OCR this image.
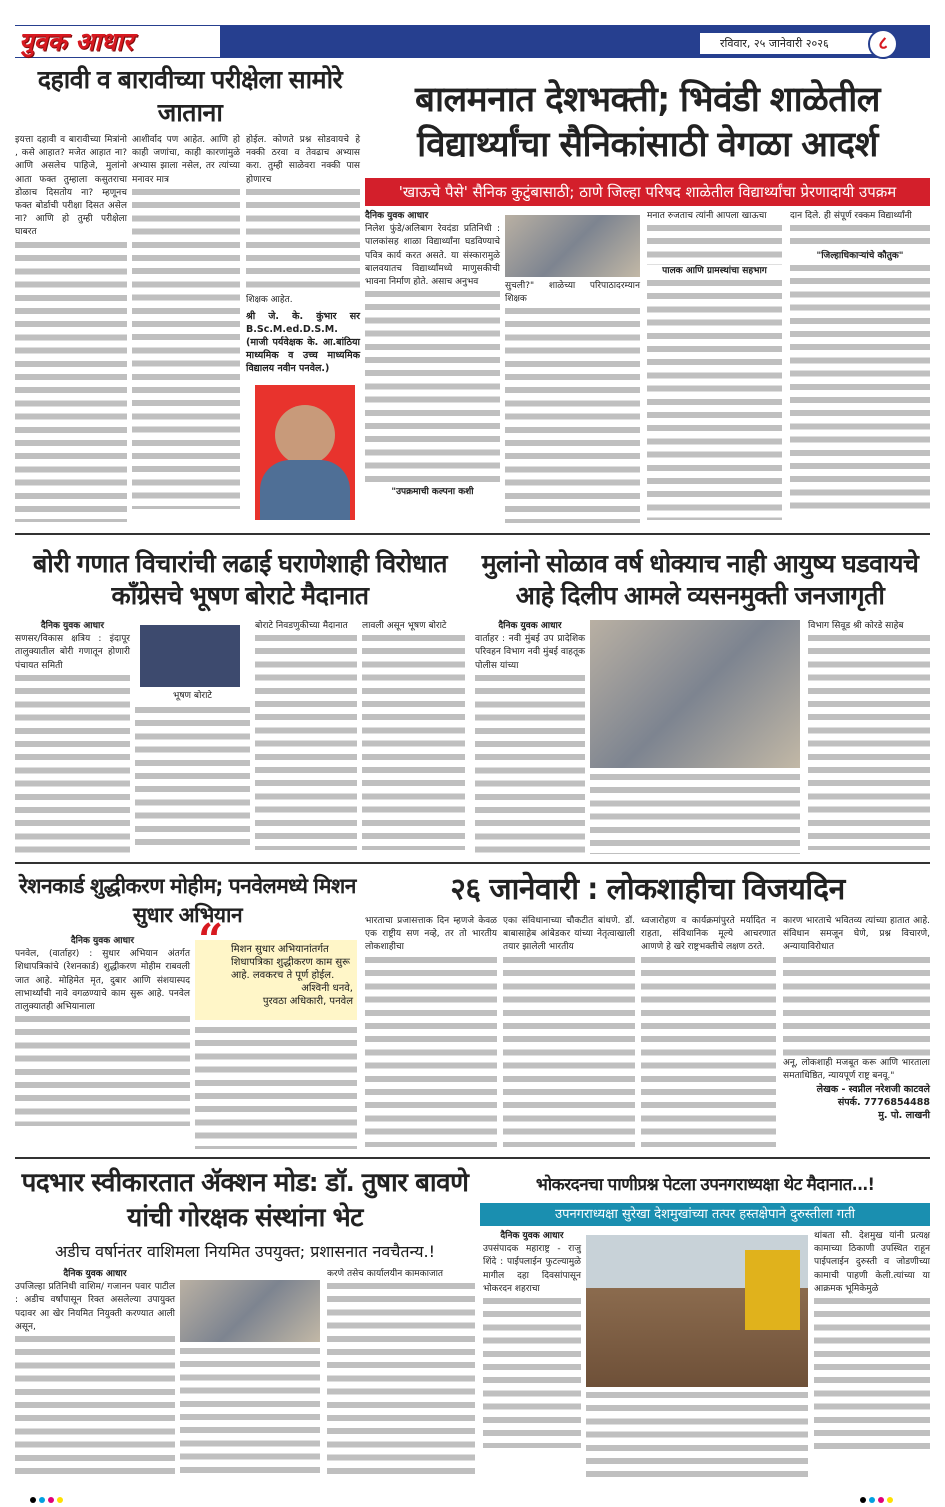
युवक आधार	रविवार, २५ जानेवारी २०२६	८
दहावी व बारावीच्या परीक्षेला सामोरे जाताना
इयत्ता दहावी व बारावीच्या मित्रांनो , कसे आहात? मजेत आहात ना? आणि असलेच पाहिजे, मुलांनो आता फक्त तुम्हाला कसुतराचा डोळाच दिसतोय ना? म्हणूनच फक्त बोर्डाची परीक्षा दिसत असेल ना? आणि हो तुम्ही परीक्षेला घाबरत
आशीर्वाद पण आहेत. आणि हो काही जणांचा, काही कारणांमुळे अभ्यास झाला नसेल, तर त्यांच्या मनावर मात्र
होईल. कोणते प्रश्न सोडवायचे हे नक्की ठरवा व तेवढाच अभ्यास करा. तुम्ही साळेवरा नक्की पास होणारच
शिक्षक आहेत.
श्री जे. के. कुंभार सर B.Sc.M.ed.D.S.M. (माजी पर्यवेक्षक के. आ.बांठिया माध्यमिक व उच्च माध्यमिक विद्यालय नवीन पनवेल.)
बालमनात देशभक्ती; भिवंडी शाळेतील विद्यार्थ्यांचा सैनिकांसाठी वेगळा आदर्श
'खाऊचे पैसे' सैनिक कुटुंबासाठी; ठाणे जिल्हा परिषद शाळेतील विद्यार्थ्यांचा प्रेरणादायी उपक्रम
दैनिक युवक आधार
निलेश फुंडे/अलिबाग रेवदंडा प्रतिनिधी : पालकांसह शाळा विद्यार्थ्यांना घडविण्याचे पवित्र कार्य करत असते. या संस्कारामुळे बालवयातच विद्यार्थ्यांमध्ये माणुसकीची भावना निर्माण होते. असाच अनुभव
"उपक्रमाची कल्पना कशी
सुचली?" शाळेच्या परिपाठादरम्यान शिक्षक
मनात रुजताच त्यांनी आपला खाऊचा
पालक आणि ग्रामस्थांचा सहभाग
दान दिले. ही संपूर्ण रक्कम विद्यार्थ्यांनी
"जिल्हाधिकाऱ्यांचे कौतुक"
बोरी गणात विचारांची लढाई घराणेशाही विरोधात काँग्रेसचे भूषण बोराटे मैदानात
दैनिक युवक आधार
सणसर/विकास क्षत्रिय : इंदापूर तालुक्यातील बोरी गणातून होणारी पंचायत समिती
भूषण बोराटे
बोराटे निवडणुकीच्या मैदानात	लावली असून भूषण बोराटे
मुलांनो सोळाव वर्ष धोक्याच नाही आयुष्य घडवायचे आहे दिलीप आमले व्यसनमुक्ती जनजागृती
दैनिक युवक आधार
वार्ताहर : नवी मुंबई उप प्रादेशिक परिवहन विभाग नवी मुंबई वाहतूक पोलीस यांच्या
विभाग सिवूड श्री कोरडे साहेब
रेशनकार्ड शुद्धीकरण मोहीम; पनवेलमध्ये मिशन सुधार अभियान
दैनिक युवक आधार
पनवेल, (वार्ताहर) : सुधार अभियान अंतर्गत शिधापत्रिकांचे (रेशनकार्ड) शुद्धीकरण मोहीम राबवली जात आहे. मोहिमेत मृत, दुबार आणि संशयास्पद लाभार्थ्यांची नावे वगळण्याचे काम सुरू आहे. पनवेल तालुक्यातही अभियानाला
“ मिशन सुधार अभियानांतर्गत शिधापत्रिका शुद्धीकरण काम सुरू आहे. लवकरच ते पूर्ण होईल.
अश्विनी धनवे,
पुरवठा अधिकारी, पनवेल
२६ जानेवारी : लोकशाहीचा विजयदिन
भारताचा प्रजासत्ताक दिन म्हणजे केवळ एक राष्ट्रीय सण नव्हे, तर तो भारतीय लोकशाहीचा
एका संविधानाच्या चौकटीत बांधणे. डॉ. बाबासाहेब आंबेडकर यांच्या नेतृत्वाखाली तयार झालेली भारतीय
ध्वजारोहण व कार्यक्रमांपुरते मर्यादित न राहता, संविधानिक मूल्ये आचरणात आणणे हे खरे राष्ट्रभक्तीचे लक्षण ठरते.
कारण भारताचे भवितव्य त्यांच्या हातात आहे. संविधान समजून घेणे, प्रश्न विचारणे, अन्यायाविरोधात
अनू, लोकशाही मजबूत करू आणि भारताला समताधिष्ठित, न्यायपूर्ण राष्ट्र बनवू."
लेखक - स्वप्नील नरेशजी काटवले
संपर्क. 7776854488
मु. पो. लाखनी
पदभार स्वीकारतात ॲक्शन मोड: डॉ. तुषार बावणे यांची गोरक्षक संस्थांना भेट
अडीच वर्षानंतर वाशिमला नियमित उपयुक्त; प्रशासनात नवचैतन्य.!
दैनिक युवक आधार
उपजिल्हा प्रतिनिधी वाशिम/ गजानन पवार पाटील : अडीच वर्षांपासून रिक्त असलेल्या उपायुक्त पदावर आ खेर नियमित नियुक्ती करण्यात आली असून,
करणे तसेच कार्यालयीन कामकाजात
भोकरदनचा पाणीप्रश्न पेटला उपनगराध्यक्षा थेट मैदानात...!
उपनगराध्यक्षा सुरेखा देशमुखांच्या तत्पर हस्तक्षेपाने दुरुस्तीला गती
दैनिक युवक आधार
उपसंपादक महाराष्ट्र - राजु शिंदे : पाईपलाईन फुटल्यामुळे मागील दहा दिवसांपासून भोकरदन शहराचा
थांबता सौ. देशमुख यांनी प्रत्यक्ष कामाच्या ठिकाणी उपस्थित राहून पाईपलाईन दुरुस्ती व जोडणीच्या कामाची पाहणी केली.त्यांच्या या आक्रमक भूमिकेमुळे
